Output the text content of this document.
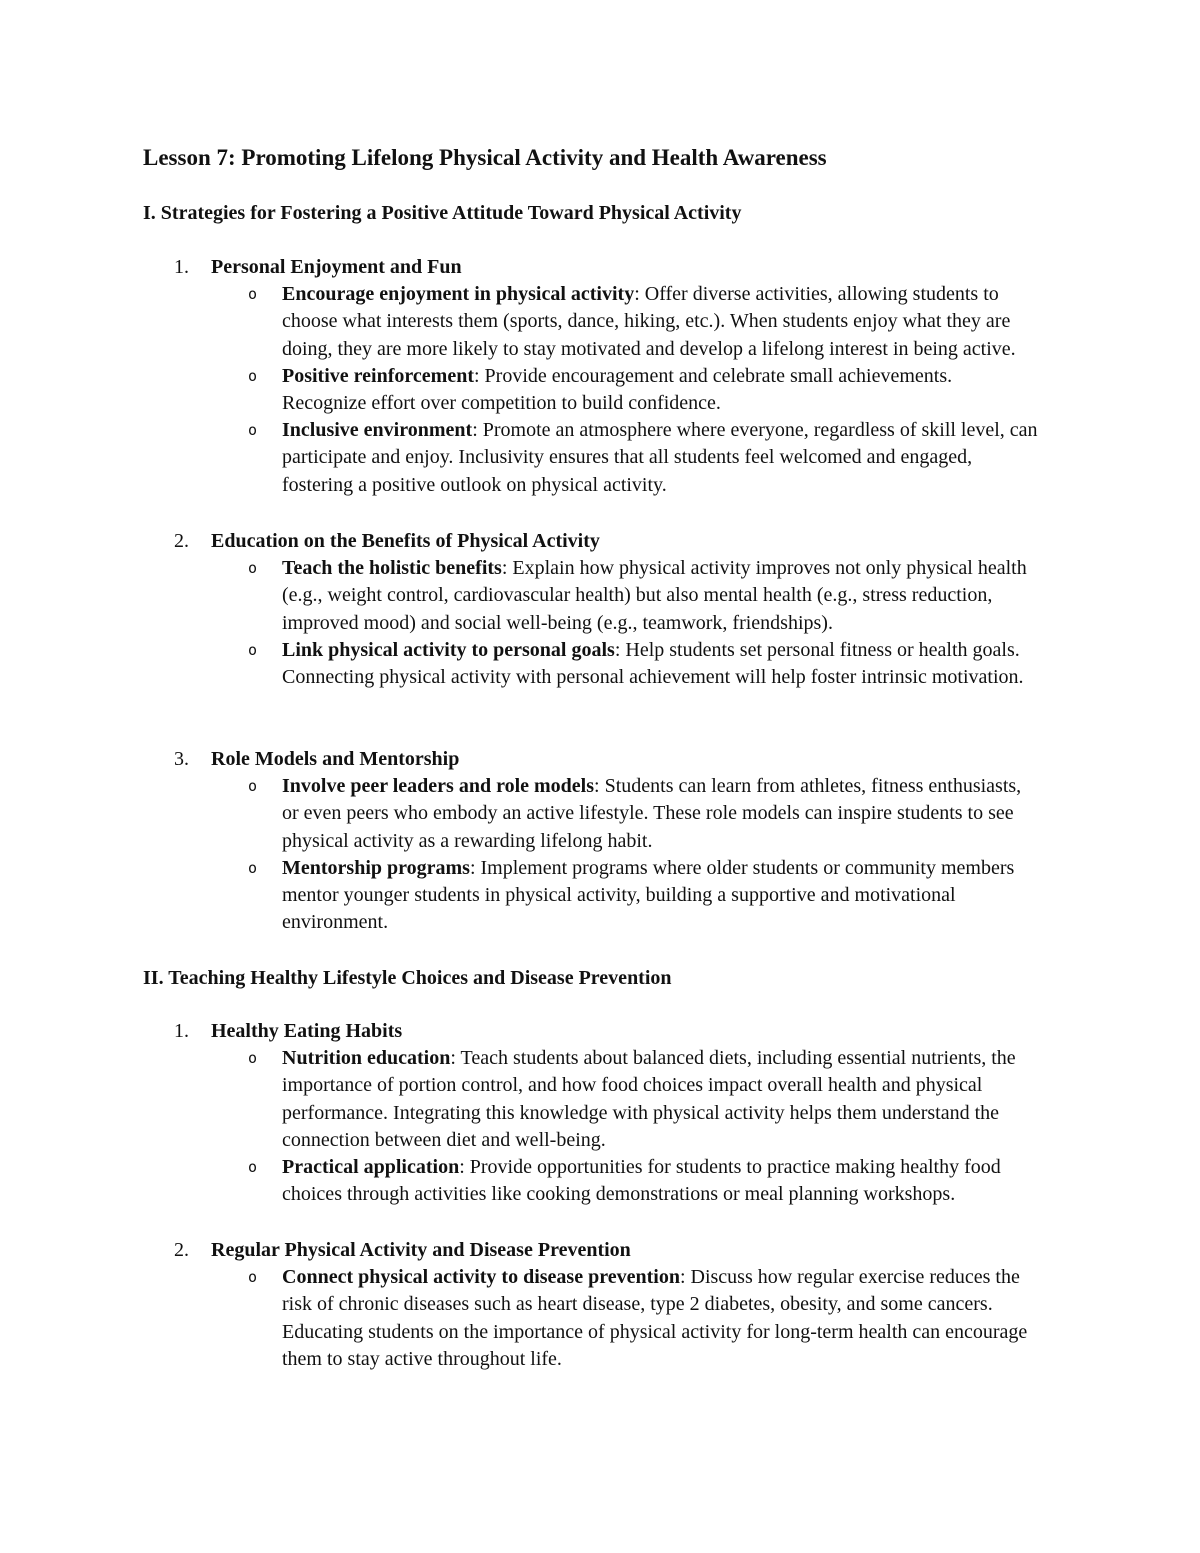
Lesson 7: Promoting Lifelong Physical Activity and Health Awareness
I. Strategies for Fostering a Positive Attitude Toward Physical Activity
1. Personal Enjoyment and Fun
o Encourage enjoyment in physical activity: Offer diverse activities, allowing students to choose what interests them (sports, dance, hiking, etc.). When students enjoy what they are doing, they are more likely to stay motivated and develop a lifelong interest in being active.
o Positive reinforcement: Provide encouragement and celebrate small achievements. Recognize effort over competition to build confidence.
o Inclusive environment: Promote an atmosphere where everyone, regardless of skill level, can participate and enjoy. Inclusivity ensures that all students feel welcomed and engaged, fostering a positive outlook on physical activity.
2. Education on the Benefits of Physical Activity
o Teach the holistic benefits: Explain how physical activity improves not only physical health (e.g., weight control, cardiovascular health) but also mental health (e.g., stress reduction, improved mood) and social well-being (e.g., teamwork, friendships).
o Link physical activity to personal goals: Help students set personal fitness or health goals. Connecting physical activity with personal achievement will help foster intrinsic motivation.
3. Role Models and Mentorship
o Involve peer leaders and role models: Students can learn from athletes, fitness enthusiasts, or even peers who embody an active lifestyle. These role models can inspire students to see physical activity as a rewarding lifelong habit.
o Mentorship programs: Implement programs where older students or community members mentor younger students in physical activity, building a supportive and motivational environment.
II. Teaching Healthy Lifestyle Choices and Disease Prevention
1. Healthy Eating Habits
o Nutrition education: Teach students about balanced diets, including essential nutrients, the importance of portion control, and how food choices impact overall health and physical performance. Integrating this knowledge with physical activity helps them understand the connection between diet and well-being.
o Practical application: Provide opportunities for students to practice making healthy food choices through activities like cooking demonstrations or meal planning workshops.
2. Regular Physical Activity and Disease Prevention
o Connect physical activity to disease prevention: Discuss how regular exercise reduces the risk of chronic diseases such as heart disease, type 2 diabetes, obesity, and some cancers. Educating students on the importance of physical activity for long-term health can encourage them to stay active throughout life.
